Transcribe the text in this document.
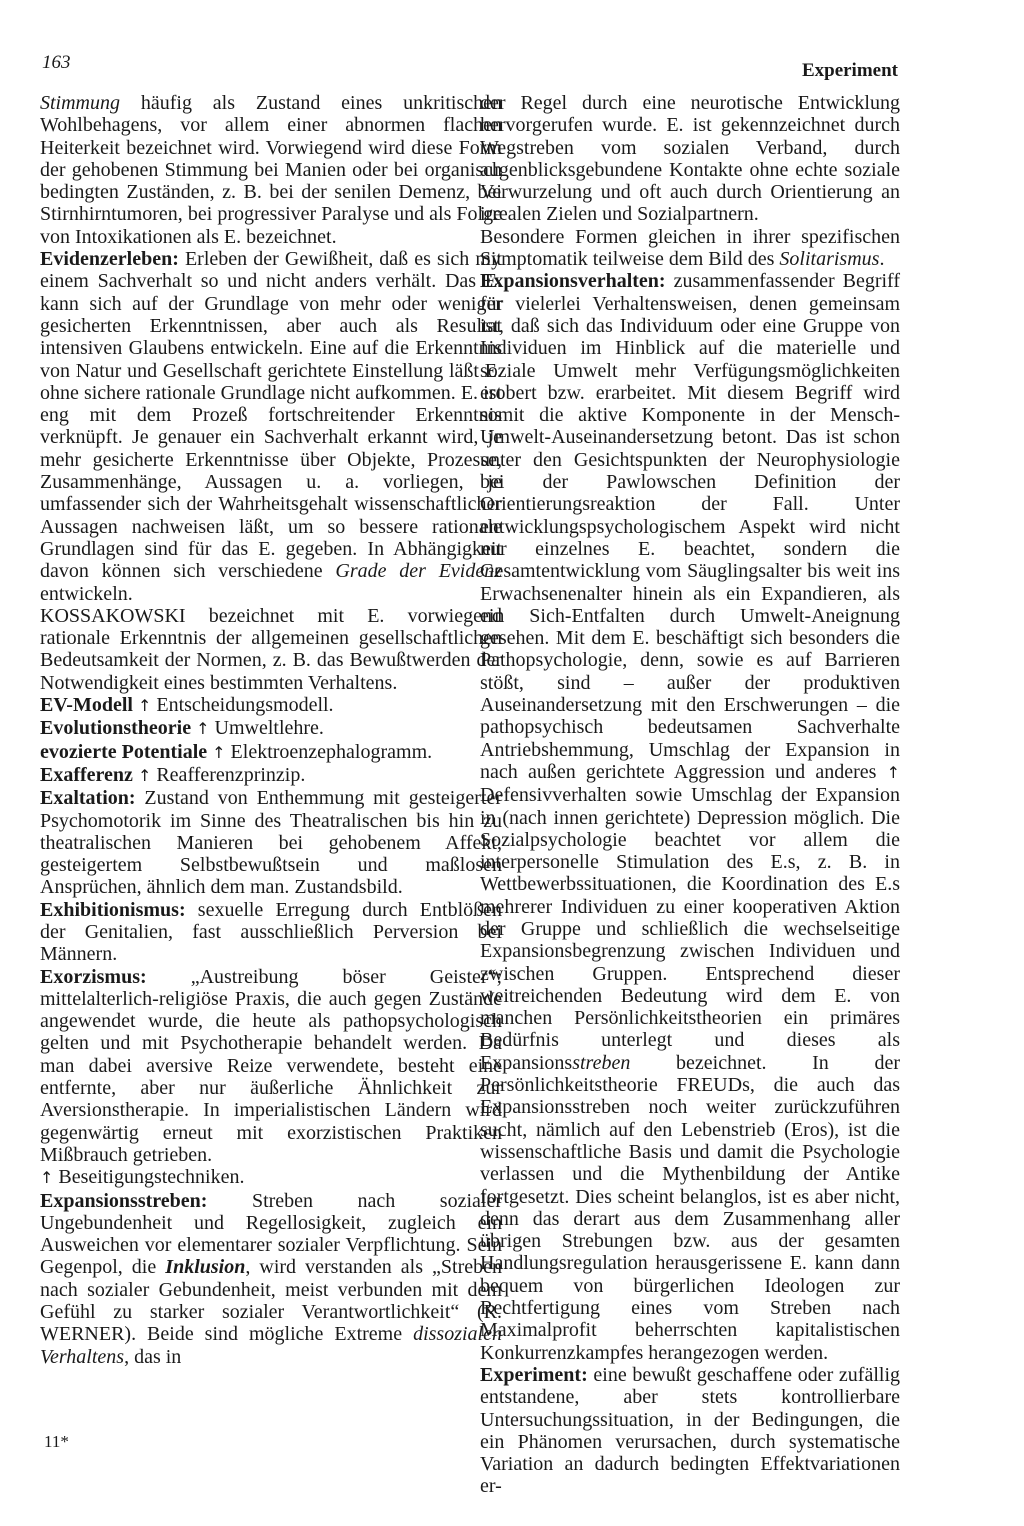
163	Experiment

Stimmung häufig als Zustand eines unkritischen Wohlbehagens, vor allem einer abnormen flachen Heiterkeit bezeichnet wird. Vorwiegend wird diese Form der gehobenen Stimmung bei Manien oder bei organisch bedingten Zuständen, z. B. bei der senilen Demenz, bei Stirnhirntumoren, bei progressiver Paralyse und als Folge von Intoxikationen als E. bezeichnet.

Evidenzerleben: Erleben der Gewißheit, daß es sich mit einem Sachverhalt so und nicht anders verhält. Das E. kann sich auf der Grundlage von mehr oder weniger gesicherten Erkenntnissen, aber auch als Resultat intensiven Glaubens entwickeln. Eine auf die Erkenntnis von Natur und Gesellschaft gerichtete Einstellung läßt E. ohne sichere rationale Grundlage nicht aufkommen. E. ist eng mit dem Prozeß fortschreitender Erkenntnis verknüpft. Je genauer ein Sachverhalt erkannt wird, je mehr gesicherte Erkenntnisse über Objekte, Prozesse, Zusammenhänge, Aussagen u. a. vorliegen, je umfassender sich der Wahrheitsgehalt wissenschaftlicher Aussagen nachweisen läßt, um so bessere rationale Grundlagen sind für das E. gegeben. In Abhängigkeit davon können sich verschiedene Grade der Evidenz entwickeln.

KOSSAKOWSKI bezeichnet mit E. vorwiegend rationale Erkenntnis der allgemeinen gesellschaftlichen Bedeutsamkeit der Normen, z. B. das Bewußtwerden der Notwendigkeit eines bestimmten Verhaltens.

EV-Modell ↑ Entscheidungsmodell.

Evolutionstheorie ↑ Umweltlehre.

evozierte Potentiale ↑ Elektroenzephalogramm.

Exafferenz ↑ Reafferenzprinzip.

Exaltation: Zustand von Enthemmung mit gesteigerter Psychomotorik im Sinne des Theatralischen bis hin zu theatralischen Manieren bei gehobenem Affekt, gesteigertem Selbstbewußtsein und maßlosen Ansprüchen, ähnlich dem man. Zustandsbild.

Exhibitionismus: sexuelle Erregung durch Entblößen der Genitalien, fast ausschließlich Perversion bei Männern.

Exorzismus: „Austreibung böser Geister“; mittelalterlich-religiöse Praxis, die auch gegen Zustände angewendet wurde, die heute als pathopsychologisch gelten und mit Psychotherapie behandelt werden. Da man dabei aversive Reize verwendete, besteht eine entfernte, aber nur äußerliche Ähnlichkeit zur Aversionstherapie. In imperialistischen Ländern wird gegenwärtig erneut mit exorzistischen Praktiken Mißbrauch getrieben.

↑ Beseitigungstechniken.

Expansionsstreben: Streben nach sozialer Ungebundenheit und Regellosigkeit, zugleich ein Ausweichen vor elementarer sozialer Verpflichtung. Sein Gegenpol, die Inklusion, wird verstanden als „Streben nach sozialer Gebundenheit, meist verbunden mit dem Gefühl zu starker sozialer Verantwortlichkeit“ (R. WERNER). Beide sind mögliche Extreme dissozialen Verhaltens, das in

der Regel durch eine neurotische Entwicklung hervorgerufen wurde. E. ist gekennzeichnet durch Wegstreben vom sozialen Verband, durch augenblicksgebundene Kontakte ohne echte soziale Verwurzelung und oft auch durch Orientierung an irrealen Zielen und Sozialpartnern.

Besondere Formen gleichen in ihrer spezifischen Symptomatik teilweise dem Bild des Solitarismus.

Expansionsverhalten: zusammenfassender Begriff für vielerlei Verhaltensweisen, denen gemeinsam ist, daß sich das Individuum oder eine Gruppe von Individuen im Hinblick auf die materielle und soziale Umwelt mehr Verfügungsmöglichkeiten erobert bzw. erarbeitet. Mit diesem Begriff wird somit die aktive Komponente in der Mensch-Umwelt-Auseinandersetzung betont. Das ist schon unter den Gesichtspunkten der Neurophysiologie bei der Pawlowschen Definition der Orientierungsreaktion der Fall. Unter entwicklungspsychologischem Aspekt wird nicht nur einzelnes E. beachtet, sondern die Gesamtentwicklung vom Säuglingsalter bis weit ins Erwachsenenalter hinein als ein Expandieren, als ein Sich-Entfalten durch Umwelt-Aneignung gesehen. Mit dem E. beschäftigt sich besonders die Pathopsychologie, denn, sowie es auf Barrieren stößt, sind – außer der produktiven Auseinandersetzung mit den Erschwerungen – die pathopsychisch bedeutsamen Sachverhalte Antriebshemmung, Umschlag der Expansion in nach außen gerichtete Aggression und anderes ↑ Defensivverhalten sowie Umschlag der Expansion in (nach innen gerichtete) Depression möglich. Die Sozialpsychologie beachtet vor allem die interpersonelle Stimulation des E.s, z. B. in Wettbewerbssituationen, die Koordination des E.s mehrerer Individuen zu einer kooperativen Aktion der Gruppe und schließlich die wechselseitige Expansionsbegrenzung zwischen Individuen und zwischen Gruppen. Entsprechend dieser weitreichenden Bedeutung wird dem E. von manchen Persönlichkeitstheorien ein primäres Bedürfnis unterlegt und dieses als Expansionsstreben bezeichnet. In der Persönlichkeitstheorie FREUDs, die auch das Expansionsstreben noch weiter zurückzuführen sucht, nämlich auf den Lebenstrieb (Eros), ist die wissenschaftliche Basis und damit die Psychologie verlassen und die Mythenbildung der Antike fortgesetzt. Dies scheint belanglos, ist es aber nicht, denn das derart aus dem Zusammenhang aller übrigen Strebungen bzw. aus der gesamten Handlungsregulation herausgerissene E. kann dann bequem von bürgerlichen Ideologen zur Rechtfertigung eines vom Streben nach Maximalprofit beherrschten kapitalistischen Konkurrenzkampfes herangezogen werden.

Experiment: eine bewußt geschaffene oder zufällig entstandene, aber stets kontrollierbare Untersuchungssituation, in der Bedingungen, die ein Phänomen verursachen, durch systematische Variation an dadurch bedingten Effektvariationen er-

11*
